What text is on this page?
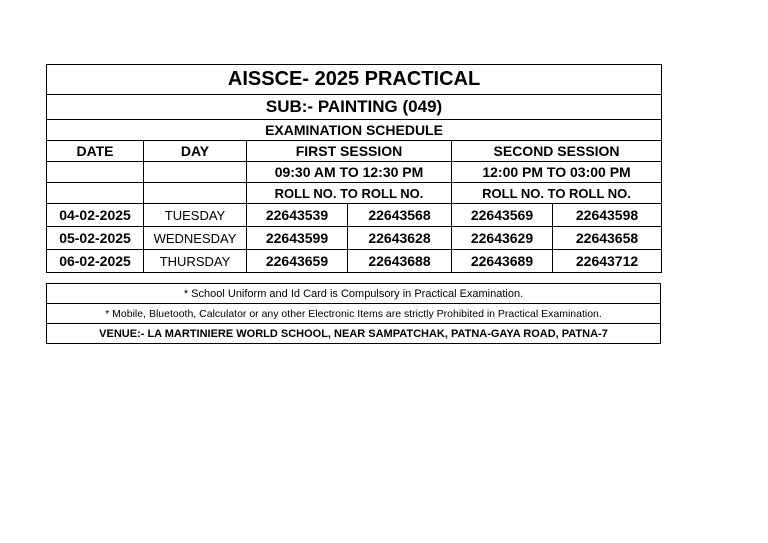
AISSCE- 2025 PRACTICAL					
SUB:- PAINTING (049)					
EXAMINATION SCHEDULE					
DATE	DAY	FIRST SESSION		SECOND SESSION	
		09:30 AM TO 12:30 PM		12:00 PM TO 03:00 PM	
		ROLL NO. TO ROLL NO.		ROLL NO. TO ROLL NO.	
04-02-2025	TUESDAY	22643539	22643568	22643569	22643598
05-02-2025	WEDNESDAY	22643599	22643628	22643629	22643658
06-02-2025	THURSDAY	22643659	22643688	22643689	22643712
* School Uniform and Id Card is Compulsory in Practical Examination.
* Mobile, Bluetooth, Calculator or any other Electronic Items are strictly Prohibited in Practical Examination.
VENUE:- LA MARTINIERE WORLD SCHOOL, NEAR SAMPATCHAK, PATNA-GAYA ROAD, PATNA-7
